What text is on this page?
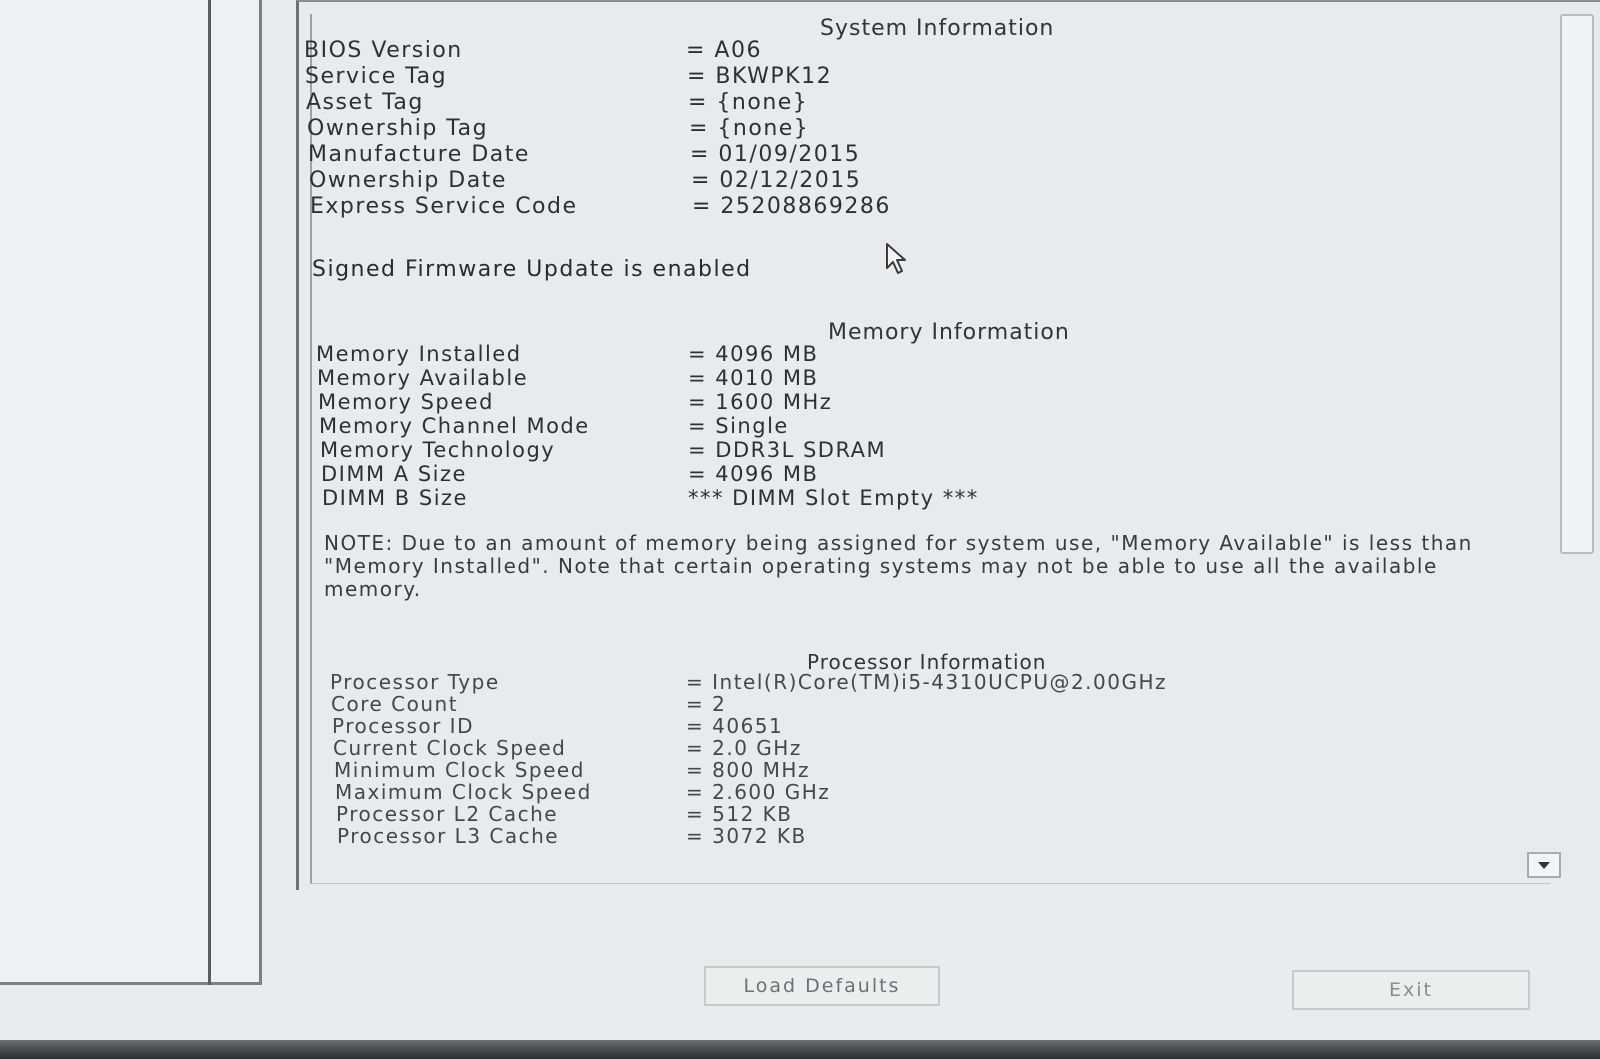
System Information
BIOS Version	= A06
Service Tag	= BKWPK12
Asset Tag	= {none}
Ownership Tag	= {none}
Manufacture Date	= 01/09/2015
Ownership Date	= 02/12/2015
Express Service Code	= 25208869286
Signed Firmware Update is enabled
Memory Information
Memory Installed	= 4096 MB
Memory Available	= 4010 MB
Memory Speed	= 1600 MHz
Memory Channel Mode	= Single
Memory Technology	= DDR3L SDRAM
DIMM A Size	= 4096 MB
DIMM B Size	*** DIMM Slot Empty ***
NOTE: Due to an amount of memory being assigned for system use, "Memory Available" is less than "Memory Installed". Note that certain operating systems may not be able to use all the available memory.
Processor Information
Processor Type	= Intel(R)Core(TM)i5-4310UCPU@2.00GHz
Core Count	= 2
Processor ID	= 40651
Current Clock Speed	= 2.0 GHz
Minimum Clock Speed	= 800 MHz
Maximum Clock Speed	= 2.600 GHz
Processor L2 Cache	= 512 KB
Processor L3 Cache	= 3072 KB
Load Defaults	Exit
